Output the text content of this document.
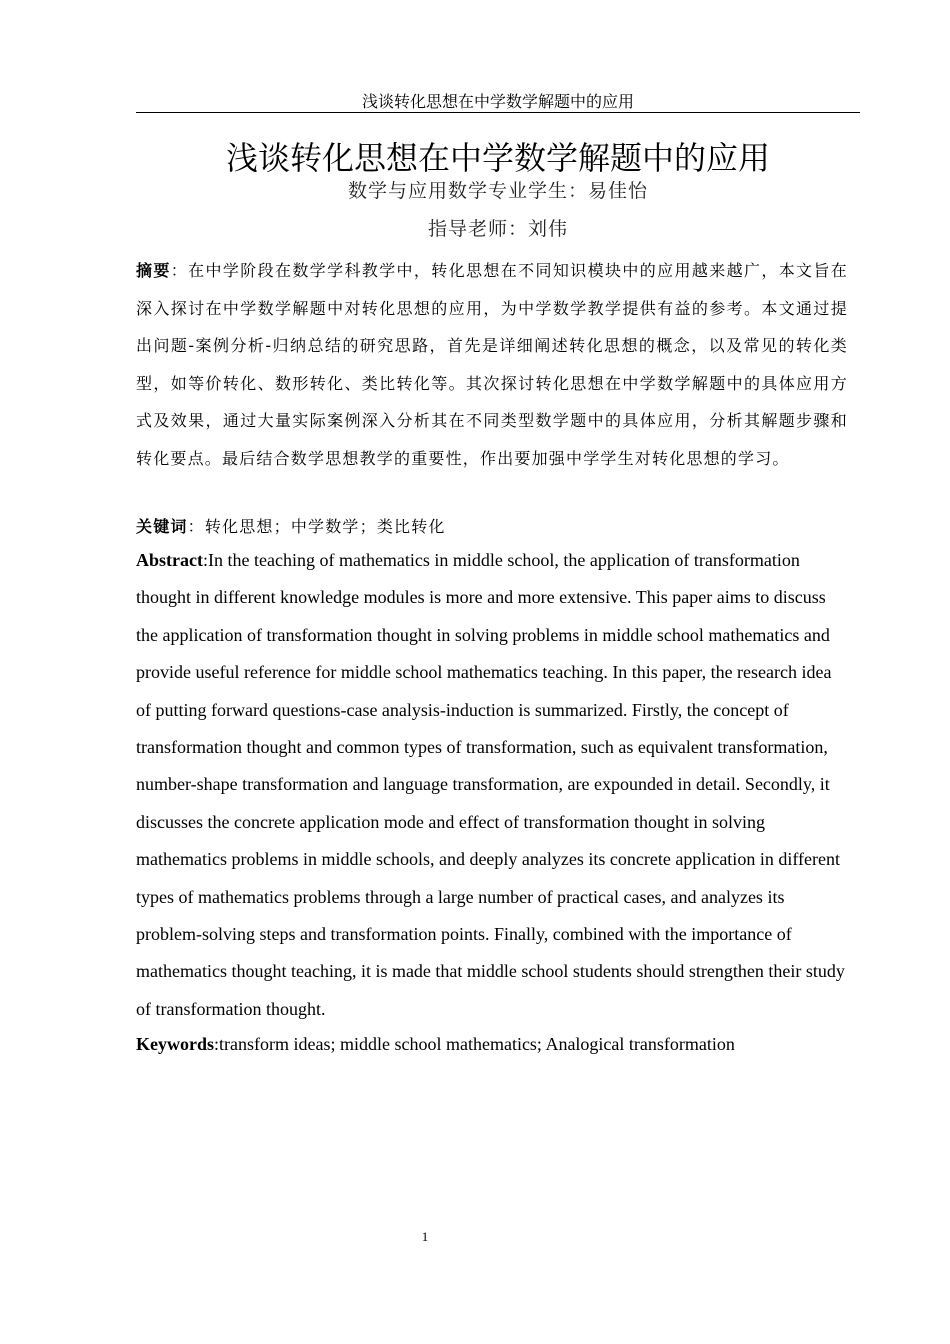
浅谈转化思想在中学数学解题中的应用
浅谈转化思想在中学数学解题中的应用
数学与应用数学专业学生：易佳怡
指导老师：刘伟

摘要：在中学阶段在数学学科教学中，转化思想在不同知识模块中的应用越来越广，本文旨在深入探讨在中学数学解题中对转化思想的应用，为中学数学教学提供有益的参考。本文通过提出问题-案例分析-归纳总结的研究思路，首先是详细阐述转化思想的概念，以及常见的转化类型，如等价转化、数形转化、类比转化等。其次探讨转化思想在中学数学解题中的具体应用方式及效果，通过大量实际案例深入分析其在不同类型数学题中的具体应用，分析其解题步骤和转化要点。最后结合数学思想教学的重要性，作出要加强中学学生对转化思想的学习。

关键词：转化思想；中学数学；类比转化

Abstract:In the teaching of mathematics in middle school, the application of transformation thought in different knowledge modules is more and more extensive. This paper aims to discuss the application of transformation thought in solving problems in middle school mathematics and provide useful reference for middle school mathematics teaching. In this paper, the research idea of putting forward questions-case analysis-induction is summarized. Firstly, the concept of transformation thought and common types of transformation, such as equivalent transformation, number-shape transformation and language transformation, are expounded in detail. Secondly, it discusses the concrete application mode and effect of transformation thought in solving mathematics problems in middle schools, and deeply analyzes its concrete application in different types of mathematics problems through a large number of practical cases, and analyzes its problem-solving steps and transformation points. Finally, combined with the importance of mathematics thought teaching, it is made that middle school students should strengthen their study of transformation thought.

Keywords:transform ideas; middle school mathematics; Analogical transformation

1
